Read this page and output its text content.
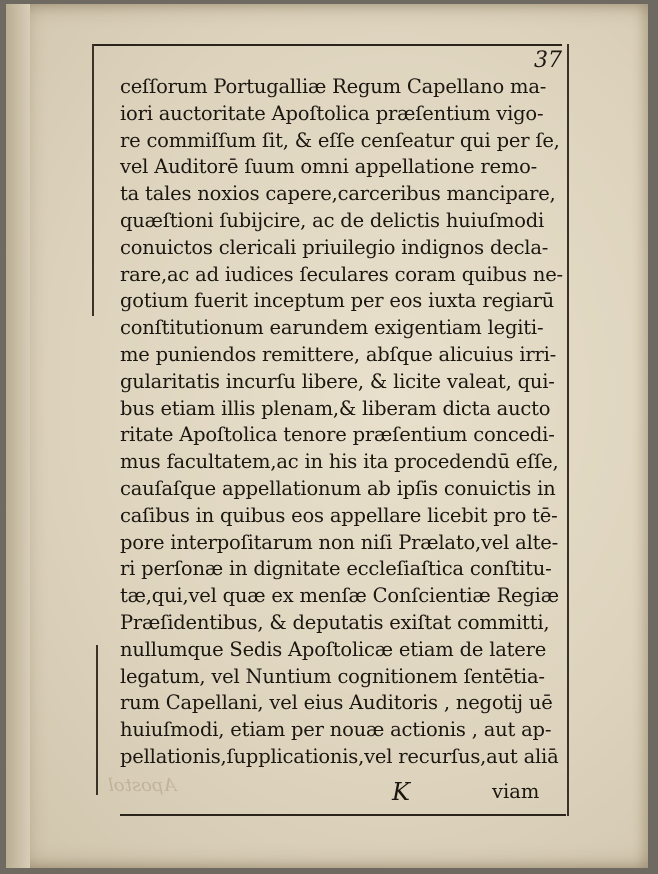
37
ceſſorum Portugalliæ Regum Capellano ma-
iori auctoritate Apoſtolica præſentium vigo-
re commiſſum ſit, & eſſe cenſeatur qui per ſe,
vel Auditorē ſuum omni appellatione remo-
ta tales noxios capere,carceribus mancipare,
quæſtioni ſubijcire, ac de delictis huiuſmodi
conuictos clericali priuilegio indignos decla-
rare,ac ad iudices ſeculares coram quibus ne-
gotium fuerit inceptum per eos iuxta regiarū
conſtitutionum earundem exigentiam legiti-
me puniendos remittere, abſque alicuius irri-
gularitatis incurſu libere, & licite valeat, qui-
bus etiam illis plenam,& liberam dicta aucto
ritate Apoſtolica tenore præſentium concedi-
mus facultatem,ac in his ita procedendū eſſe,
cauſaſque appellationum ab ipſis conuictis in
caſibus in quibus eos appellare licebit pro tē-
pore interpoſitarum non niſi Prælato,vel alte-
ri perſonæ in dignitate eccleſiaſtica conſtitu-
tæ,qui,vel quæ ex menſæ Conſcientiæ Regiæ
Præſidentibus, & deputatis exiſtat committi,
nullumque Sedis Apoſtolicæ etiam de latere
legatum, vel Nuntium cognitionem ſentētia-
rum Capellani, vel eius Auditoris , negotij uē
huiuſmodi, etiam per nouæ actionis , aut ap-
pellationis,ſupplicationis,vel recurſus,aut aliā
Apostol	K	viam
